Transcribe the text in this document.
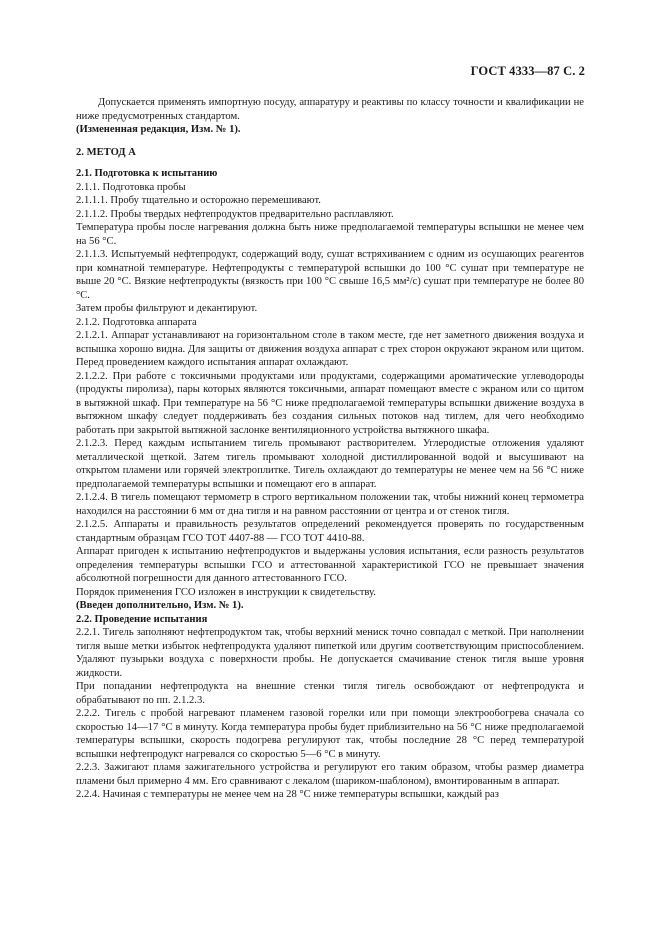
ГОСТ 4333—87 С. 2

Допускается применять импортную посуду, аппаратуру и реактивы по классу точности и квалификации не ниже предусмотренных стандартом.

(Измененная редакция, Изм. № 1).

2. МЕТОД А

2.1. Подготовка к испытанию

2.1.1. Подготовка пробы

2.1.1.1. Пробу тщательно и осторожно перемешивают.

2.1.1.2. Пробы твердых нефтепродуктов предварительно расплавляют.

Температура пробы после нагревания должна быть ниже предполагаемой температуры вспышки не менее чем на 56 °С.

2.1.1.3. Испытуемый нефтепродукт, содержащий воду, сушат встряхиванием с одним из осушающих реагентов при комнатной температуре. Нефтепродукты с температурой вспышки до 100 °С сушат при температуре не выше 20 °С. Вязкие нефтепродукты (вязкость при 100 °С свыше 16,5 мм²/с) сушат при температуре не более 80 °С.

Затем пробы фильтруют и декантируют.

2.1.2. Подготовка аппарата

2.1.2.1. Аппарат устанавливают на горизонтальном столе в таком месте, где нет заметного движения воздуха и вспышка хорошо видна. Для защиты от движения воздуха аппарат с трех сторон окружают экраном или щитом. Перед проведением каждого испытания аппарат охлаждают.

2.1.2.2. При работе с токсичными продуктами или продуктами, содержащими ароматические углеводороды (продукты пиролиза), пары которых являются токсичными, аппарат помещают вместе с экраном или со щитом в вытяжной шкаф. При температуре на 56 °С ниже предполагаемой температуры вспышки движение воздуха в вытяжном шкафу следует поддерживать без создания сильных потоков над тиглем, для чего необходимо работать при закрытой вытяжной заслонке вентиляционного устройства вытяжного шкафа.

2.1.2.3. Перед каждым испытанием тигель промывают растворителем. Углеродистые отложения удаляют металлической щеткой. Затем тигель промывают холодной дистиллированной водой и высушивают на открытом пламени или горячей электроплитке. Тигель охлаждают до температуры не менее чем на 56 °С ниже предполагаемой температуры вспышки и помещают его в аппарат.

2.1.2.4. В тигель помещают термометр в строго вертикальном положении так, чтобы нижний конец термометра находился на расстоянии 6 мм от дна тигля и на равном расстоянии от центра и от стенок тигля.

2.1.2.5. Аппараты и правильность результатов определений рекомендуется проверять по государственным стандартным образцам ГСО ТОТ 4407-88 — ГСО ТОТ 4410-88.

Аппарат пригоден к испытанию нефтепродуктов и выдержаны условия испытания, если разность результатов определения температуры вспышки ГСО и аттестованной характеристикой ГСО не превышает значения абсолютной погрешности для данного аттестованного ГСО.

Порядок применения ГСО изложен в инструкции к свидетельству.

(Введен дополнительно, Изм. № 1).

2.2. Проведение испытания

2.2.1. Тигель заполняют нефтепродуктом так, чтобы верхний мениск точно совпадал с меткой. При наполнении тигля выше метки избыток нефтепродукта удаляют пипеткой или другим соответствующим приспособлением. Удаляют пузырьки воздуха с поверхности пробы. Не допускается смачивание стенок тигля выше уровня жидкости.

При попадании нефтепродукта на внешние стенки тигля тигель освобождают от нефтепродукта и обрабатывают по пп. 2.1.2.3.

2.2.2. Тигель с пробой нагревают пламенем газовой горелки или при помощи электрообогрева сначала со скоростью 14—17 °С в минуту. Когда температура пробы будет приблизительно на 56 °С ниже предполагаемой температуры вспышки, скорость подогрева регулируют так, чтобы последние 28 °С перед температурой вспышки нефтепродукт нагревался со скоростью 5—6 °С в минуту.

2.2.3. Зажигают пламя зажигательного устройства и регулируют его таким образом, чтобы размер диаметра пламени был примерно 4 мм. Его сравнивают с лекалом (шариком-шаблоном), вмонтированным в аппарат.

2.2.4. Начиная с температуры не менее чем на 28 °С ниже температуры вспышки, каждый раз
